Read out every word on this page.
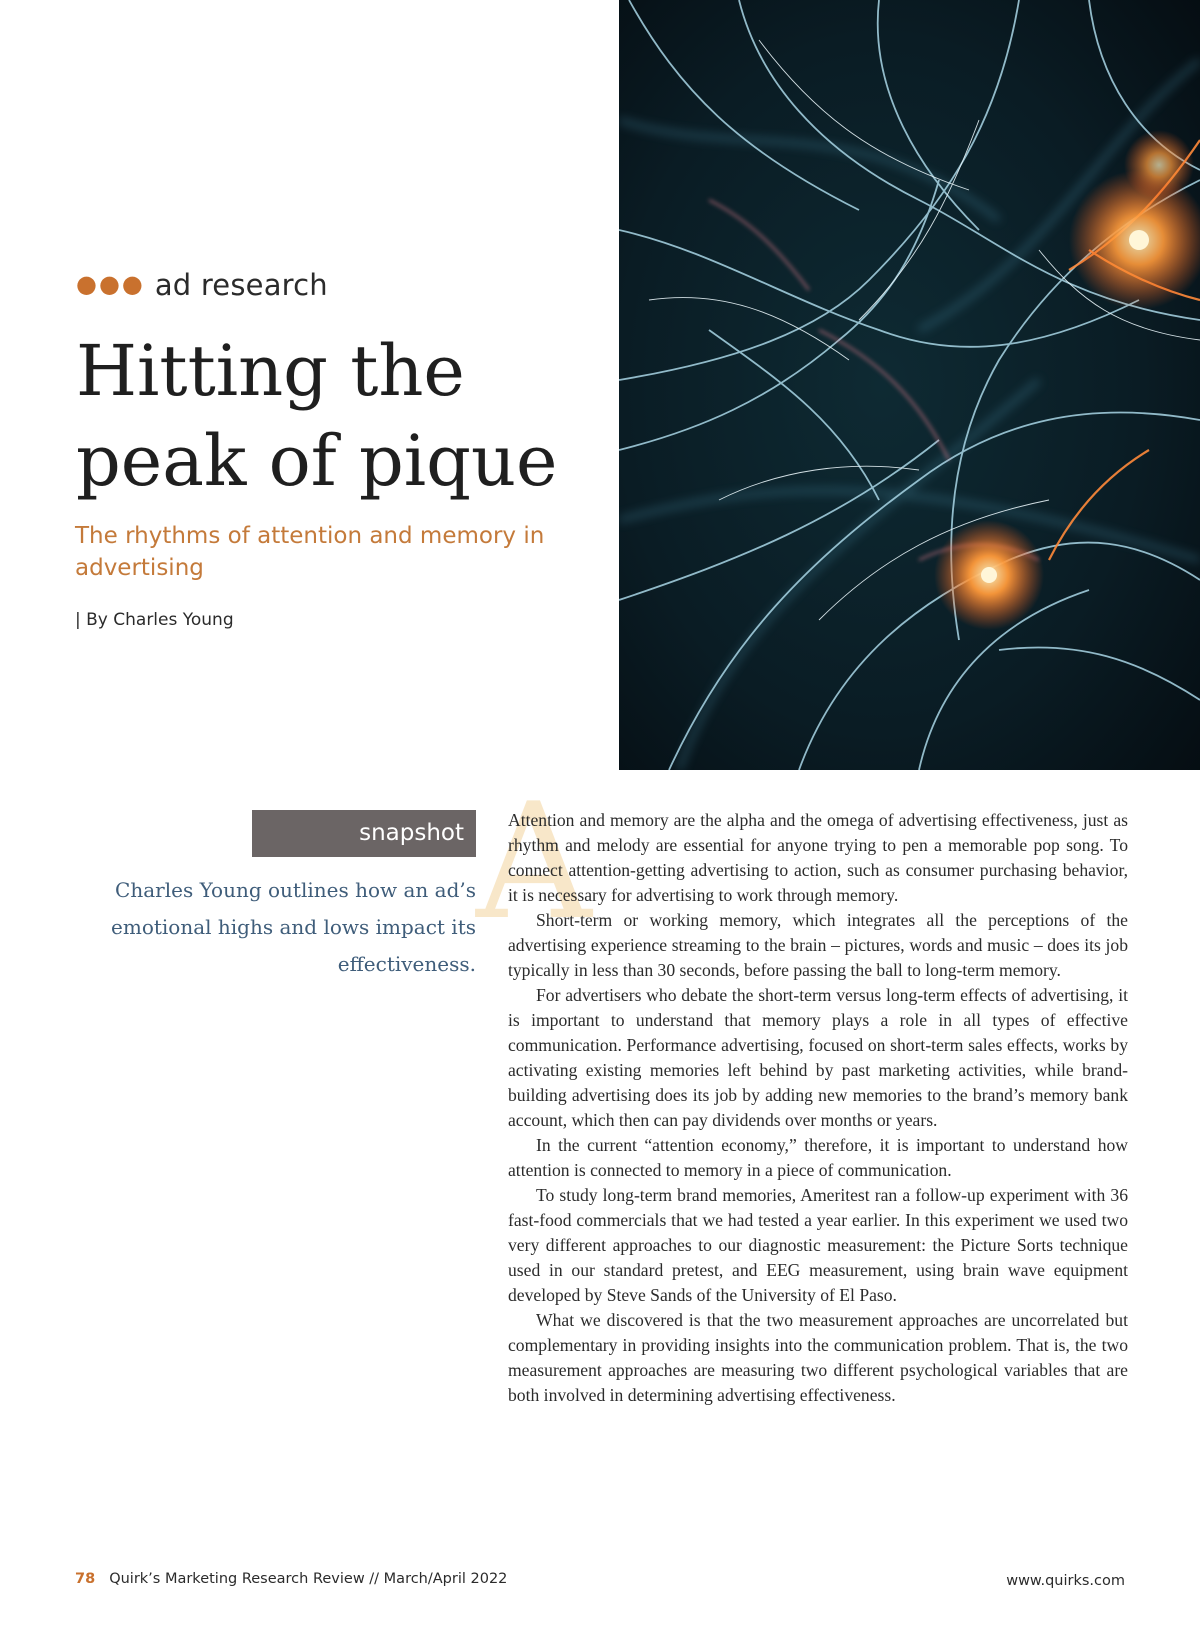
●●● ad research
Hitting the
peak of pique
The rhythms of attention and memory in advertising
| By Charles Young
snapshot
Charles Young outlines how an ad’s emotional highs and lows impact its effectiveness.
A

Attention and memory are the alpha and the omega of advertising effectiveness, just as rhythm and melody are essential for anyone trying to pen a memorable pop song. To connect attention-getting advertising to action, such as consumer purchasing behavior, it is necessary for advertising to work through memory.

Short-term or working memory, which integrates all the perceptions of the advertising experience streaming to the brain – pictures, words and music – does its job typically in less than 30 seconds, before passing the ball to long-term memory.

For advertisers who debate the short-term versus long-term effects of advertising, it is important to understand that memory plays a role in all types of effective communication. Performance advertising, focused on short-term sales effects, works by activating existing memories left behind by past marketing activities, while brand-building advertising does its job by adding new memories to the brand’s memory bank account, which then can pay dividends over months or years.

In the current “attention economy,” therefore, it is important to understand how attention is connected to memory in a piece of communication.

To study long-term brand memories, Ameritest ran a follow-up experiment with 36 fast-food commercials that we had tested a year earlier. In this experiment we used two very different approaches to our diagnostic measurement: the Picture Sorts technique used in our standard pretest, and EEG measurement, using brain wave equipment developed by Steve Sands of the University of El Paso.

What we discovered is that the two measurement approaches are uncorrelated but complementary in providing insights into the communication problem. That is, the two measurement approaches are measuring two different psychological variables that are both involved in determining advertising effectiveness.

78 Quirk’s Marketing Research Review // March/April 2022	www.quirks.com
